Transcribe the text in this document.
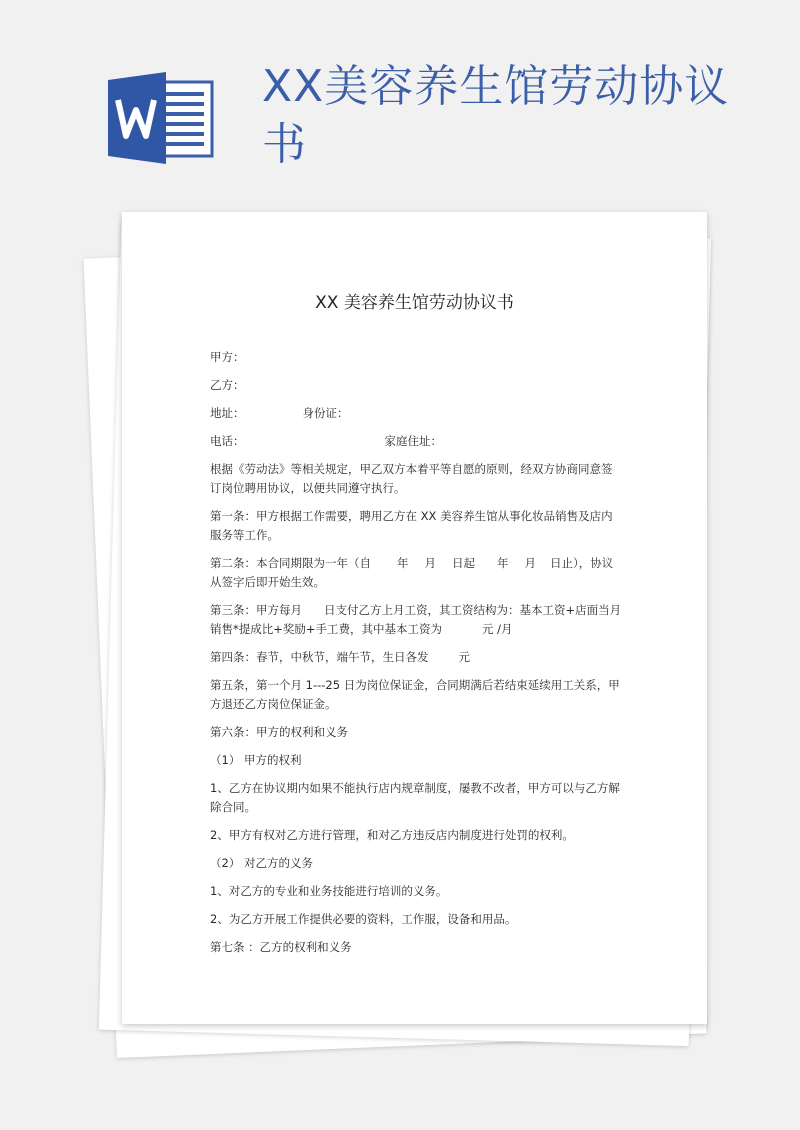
XX美容养生馆劳动协议书
XX 美容养生馆劳动协议书

甲方：

乙方：

地址：	身份证：

电话：	家庭住址：

根据《劳动法》等相关规定，甲乙双方本着平等自愿的原则，经双方协商同意签订岗位聘用协议，以便共同遵守执行。

第一条：甲方根据工作需要，聘用乙方在 XX 美容养生馆从事化妆品销售及店内服务等工作。

第二条：本合同期限为一年（自 年 月 日起 年 月 日止），协议从签字后即开始生效。

第三条：甲方每月 日支付乙方上月工资，其工资结构为：基本工资+店面当月销售*提成比+奖励+手工费，其中基本工资为	元 /月

第四条：春节，中秋节，端午节，生日各发	元

第五条，第一个月 1---25 日为岗位保证金，合同期满后若结束延续用工关系，甲方退还乙方岗位保证金。

第六条：甲方的权利和义务

（1） 甲方的权利

1、乙方在协议期内如果不能执行店内规章制度，屡教不改者，甲方可以与乙方解除合同。

2、甲方有权对乙方进行管理，和对乙方违反店内制度进行处罚的权利。

（2） 对乙方的义务

1、对乙方的专业和业务技能进行培训的义务。

2、为乙方开展工作提供必要的资料，工作服，设备和用品。

第七条 ：乙方的权利和义务
